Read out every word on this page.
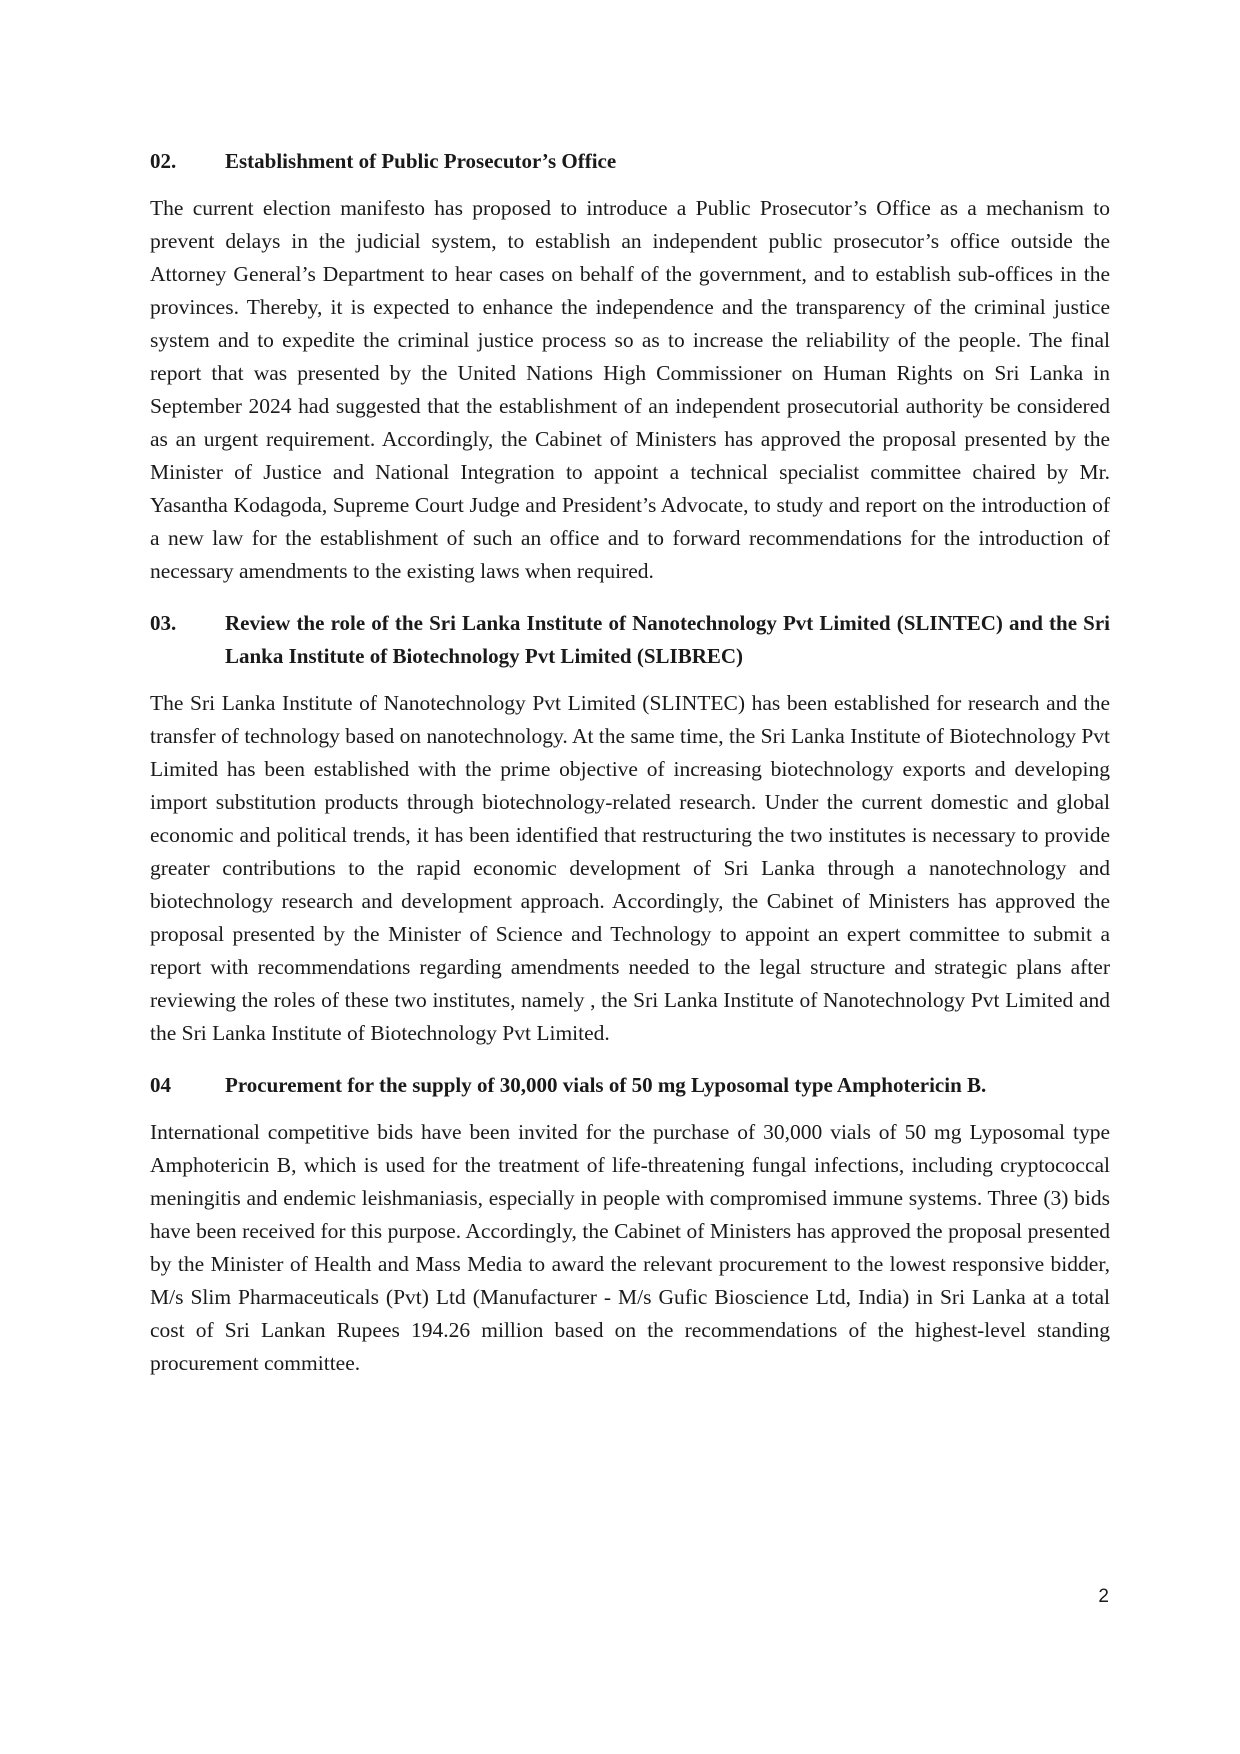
02.	Establishment of Public Prosecutor’s Office

The current election manifesto has proposed to introduce a Public Prosecutor’s Office as a mechanism to prevent delays in the judicial system, to establish an independent public prosecutor’s office outside the Attorney General’s Department to hear cases on behalf of the government, and to establish sub-offices in the provinces. Thereby, it is expected to enhance the independence and the transparency of the criminal justice system and to expedite the criminal justice process so as to increase the reliability of the people. The final report that was presented by the United Nations High Commissioner on Human Rights on Sri Lanka in September 2024 had suggested that the establishment of an independent prosecutorial authority be considered as an urgent requirement. Accordingly, the Cabinet of Ministers has approved the proposal presented by the Minister of Justice and National Integration to appoint a technical specialist committee chaired by Mr. Yasantha Kodagoda, Supreme Court Judge and President’s Advocate, to study and report on the introduction of a new law for the establishment of such an office and to forward recommendations for the introduction of necessary amendments to the existing laws when required.

03.	Review the role of the Sri Lanka Institute of Nanotechnology Pvt Limited (SLINTEC) and the Sri Lanka Institute of Biotechnology Pvt Limited (SLIBREC)

The Sri Lanka Institute of Nanotechnology Pvt Limited (SLINTEC) has been established for research and the transfer of technology based on nanotechnology. At the same time, the Sri Lanka Institute of Biotechnology Pvt Limited has been established with the prime objective of increasing biotechnology exports and developing import substitution products through biotechnology-related research. Under the current domestic and global economic and political trends, it has been identified that restructuring the two institutes is necessary to provide greater contributions to the rapid economic development of Sri Lanka through a nanotechnology and biotechnology research and development approach. Accordingly, the Cabinet of Ministers has approved the proposal presented by the Minister of Science and Technology to appoint an expert committee to submit a report with recommendations regarding amendments needed to the legal structure and strategic plans after reviewing the roles of these two institutes, namely , the Sri Lanka Institute of Nanotechnology Pvt Limited and the Sri Lanka Institute of Biotechnology Pvt Limited.

04	Procurement for the supply of 30,000 vials of 50 mg Lyposomal type Amphotericin B.

International competitive bids have been invited for the purchase of 30,000 vials of 50 mg Lyposomal type Amphotericin B, which is used for the treatment of life-threatening fungal infections, including cryptococcal meningitis and endemic leishmaniasis, especially in people with compromised immune systems. Three (3) bids have been received for this purpose. Accordingly, the Cabinet of Ministers has approved the proposal presented by the Minister of Health and Mass Media to award the relevant procurement to the lowest responsive bidder, M/s Slim Pharmaceuticals (Pvt) Ltd (Manufacturer - M/s Gufic Bioscience Ltd, India) in Sri Lanka at a total cost of Sri Lankan Rupees 194.26 million based on the recommendations of the highest-level standing procurement committee.

2
